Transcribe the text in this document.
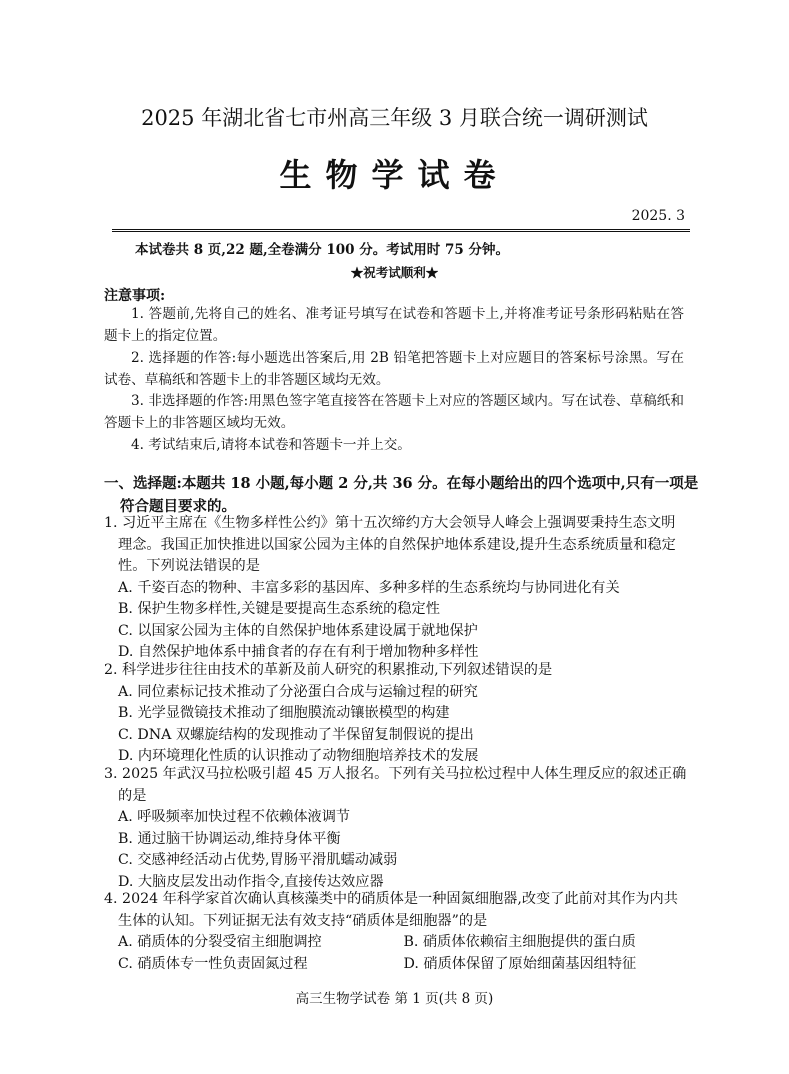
2025 年湖北省七市州高三年级 3 月联合统一调研测试
生物学试卷
2025. 3
本试卷共 8 页,22 题,全卷满分 100 分。考试用时 75 分钟。
★祝考试顺利★
注意事项:
1. 答题前,先将自己的姓名、准考证号填写在试卷和答题卡上,并将准考证号条形码粘贴在答题卡上的指定位置。
2. 选择题的作答:每小题选出答案后,用 2B 铅笔把答题卡上对应题目的答案标号涂黑。写在试卷、草稿纸和答题卡上的非答题区域均无效。
3. 非选择题的作答:用黑色签字笔直接答在答题卡上对应的答题区域内。写在试卷、草稿纸和答题卡上的非答题区域均无效。
4. 考试结束后,请将本试卷和答题卡一并上交。
一、选择题:本题共 18 小题,每小题 2 分,共 36 分。在每小题给出的四个选项中,只有一项是符合题目要求的。
1. 习近平主席在《生物多样性公约》第十五次缔约方大会领导人峰会上强调要秉持生态文明理念。我国正加快推进以国家公园为主体的自然保护地体系建设,提升生态系统质量和稳定性。下列说法错误的是
A. 千姿百态的物种、丰富多彩的基因库、多种多样的生态系统均与协同进化有关
B. 保护生物多样性,关键是要提高生态系统的稳定性
C. 以国家公园为主体的自然保护地体系建设属于就地保护
D. 自然保护地体系中捕食者的存在有利于增加物种多样性
2. 科学进步往往由技术的革新及前人研究的积累推动,下列叙述错误的是
A. 同位素标记技术推动了分泌蛋白合成与运输过程的研究
B. 光学显微镜技术推动了细胞膜流动镶嵌模型的构建
C. DNA 双螺旋结构的发现推动了半保留复制假说的提出
D. 内环境理化性质的认识推动了动物细胞培养技术的发展
3. 2025 年武汉马拉松吸引超 45 万人报名。下列有关马拉松过程中人体生理反应的叙述正确的是
A. 呼吸频率加快过程不依赖体液调节
B. 通过脑干协调运动,维持身体平衡
C. 交感神经活动占优势,胃肠平滑肌蠕动减弱
D. 大脑皮层发出动作指令,直接传达效应器
4. 2024 年科学家首次确认真核藻类中的硝质体是一种固氮细胞器,改变了此前对其作为内共生体的认知。下列证据无法有效支持“硝质体是细胞器”的是
A. 硝质体的分裂受宿主细胞调控	B. 硝质体依赖宿主细胞提供的蛋白质
C. 硝质体专一性负责固氮过程	D. 硝质体保留了原始细菌基因组特征
高三生物学试卷 第 1 页(共 8 页)
